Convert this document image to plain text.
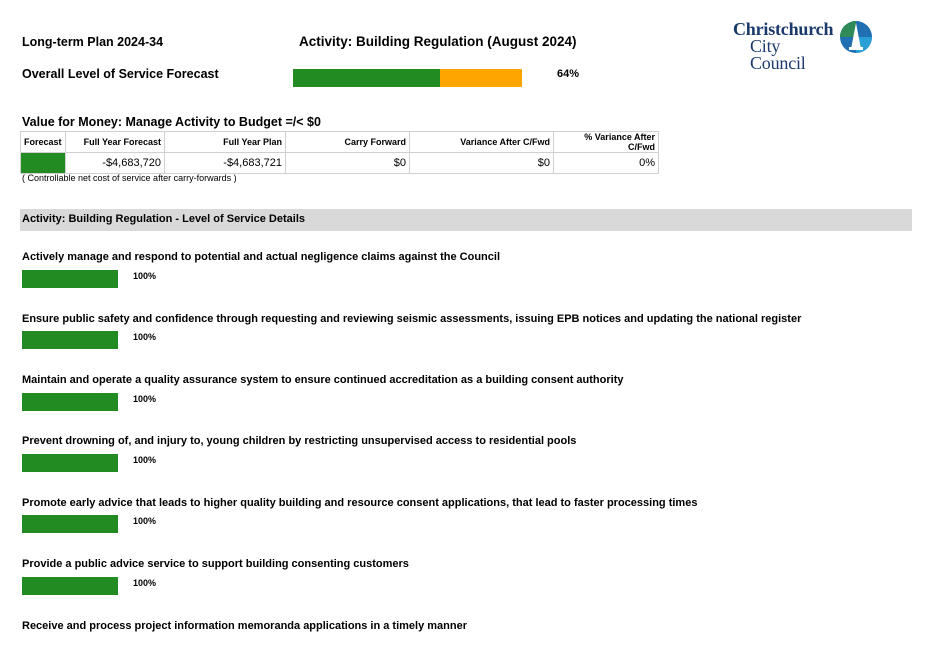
Long-term Plan 2024-34	Activity: Building Regulation (August 2024)
Christchurch
City Council
Overall Level of Service Forecast	64%
Value for Money: Manage Activity to Budget =/< $0
Forecast	Full Year Forecast	Full Year Plan	Carry Forward	Variance After C/Fwd	% Variance After C/Fwd
	-$4,683,720	-$4,683,721	$0	$0	0%
( Controllable net cost of service after carry-forwards )
Activity: Building Regulation - Level of Service Details
Actively manage and respond to potential and actual negligence claims against the Council
100%
Ensure public safety and confidence through requesting and reviewing seismic assessments, issuing EPB notices and updating the national register
100%
Maintain and operate a quality assurance system to ensure continued accreditation as a building consent authority
100%
Prevent drowning of, and injury to, young children by restricting unsupervised access to residential pools
100%
Promote early advice that leads to higher quality building and resource consent applications, that lead to faster processing times
100%
Provide a public advice service to support building consenting customers
100%
Receive and process project information memoranda applications in a timely manner
